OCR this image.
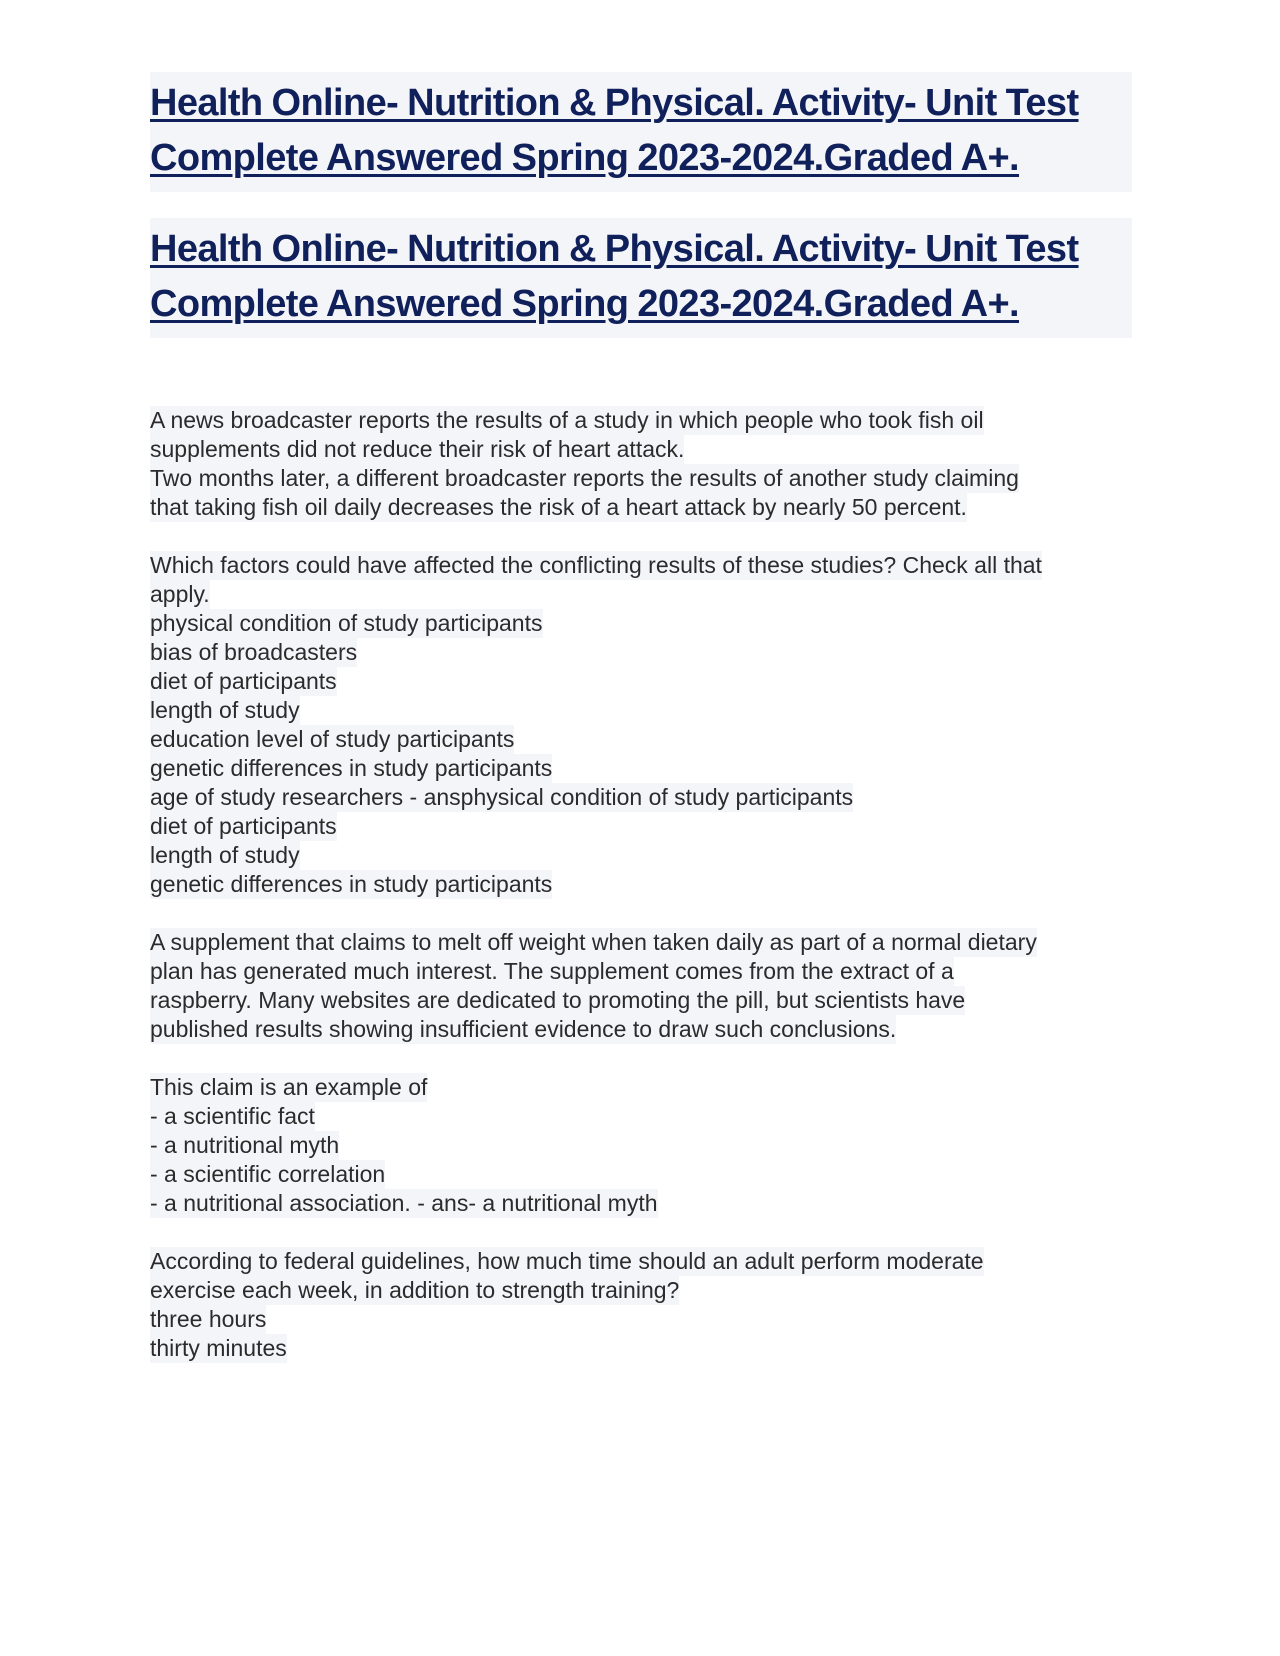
Health Online- Nutrition & Physical. Activity- Unit Test Complete Answered Spring 2023-2024.Graded A+.
Health Online- Nutrition & Physical. Activity- Unit Test Complete Answered Spring 2023-2024.Graded A+.
A news broadcaster reports the results of a study in which people who took fish oil
supplements did not reduce their risk of heart attack.
Two months later, a different broadcaster reports the results of another study claiming
that taking fish oil daily decreases the risk of a heart attack by nearly 50 percent.
Which factors could have affected the conflicting results of these studies? Check all that
apply.
physical condition of study participants
bias of broadcasters
diet of participants
length of study
education level of study participants
genetic differences in study participants
age of study researchers - ansphysical condition of study participants
diet of participants
length of study
genetic differences in study participants
A supplement that claims to melt off weight when taken daily as part of a normal dietary
plan has generated much interest. The supplement comes from the extract of a
raspberry. Many websites are dedicated to promoting the pill, but scientists have
published results showing insufficient evidence to draw such conclusions.
This claim is an example of
- a scientific fact
- a nutritional myth
- a scientific correlation
- a nutritional association. - ans- a nutritional myth
According to federal guidelines, how much time should an adult perform moderate
exercise each week, in addition to strength training?
three hours
thirty minutes
